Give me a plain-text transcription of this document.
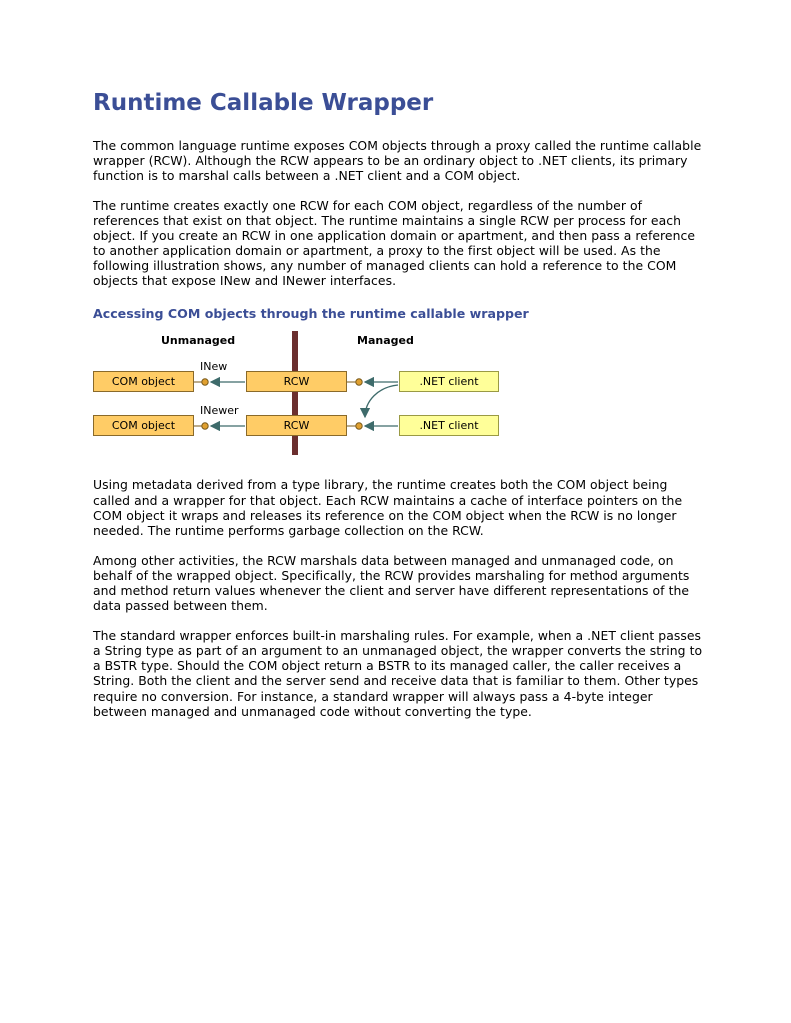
Runtime Callable Wrapper

The common language runtime exposes COM objects through a proxy called the runtime callable wrapper (RCW). Although the RCW appears to be an ordinary object to .NET clients, its primary function is to marshal calls between a .NET client and a COM object.

The runtime creates exactly one RCW for each COM object, regardless of the number of references that exist on that object. The runtime maintains a single RCW per process for each object. If you create an RCW in one application domain or apartment, and then pass a reference to another application domain or apartment, a proxy to the first object will be used. As the following illustration shows, any number of managed clients can hold a reference to the COM objects that expose INew and INewer interfaces.

Accessing COM objects through the runtime callable wrapper
Unmanaged	Managed
INew
INewer
COM object	RCW	.NET client
COM object	RCW	.NET client

Using metadata derived from a type library, the runtime creates both the COM object being called and a wrapper for that object. Each RCW maintains a cache of interface pointers on the COM object it wraps and releases its reference on the COM object when the RCW is no longer needed. The runtime performs garbage collection on the RCW.

Among other activities, the RCW marshals data between managed and unmanaged code, on behalf of the wrapped object. Specifically, the RCW provides marshaling for method arguments and method return values whenever the client and server have different representations of the data passed between them.

The standard wrapper enforces built-in marshaling rules. For example, when a .NET client passes a String type as part of an argument to an unmanaged object, the wrapper converts the string to a BSTR type. Should the COM object return a BSTR to its managed caller, the caller receives a String. Both the client and the server send and receive data that is familiar to them. Other types require no conversion. For instance, a standard wrapper will always pass a 4-byte integer between managed and unmanaged code without converting the type.
